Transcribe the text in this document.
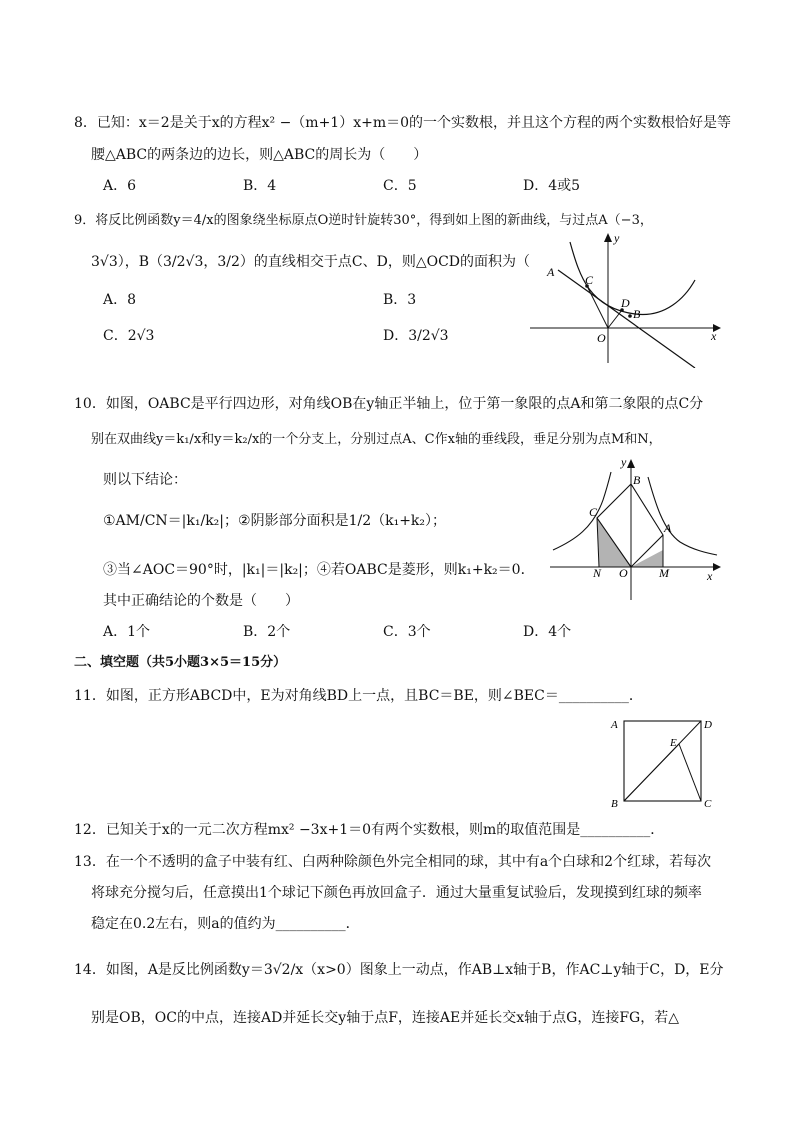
8．已知：x＝2是关于x的方程x² −（m+1）x+m＝0的一个实数根，并且这个方程的两个实数根恰好是等
腰△ABC的两条边的边长，则△ABC的周长为（　　）
A．6	B．4	C．5	D．4或5
9．将反比例函数y＝4/x的图象绕坐标原点O逆时针旋转30°，得到如上图的新曲线，与过点A（−3，
3√3），B（3/2√3，3/2）的直线相交于点C、D，则△OCD的面积为（
A．8	B．3
C．2√3	D．3/2√3
y
x
O
A
B
C
D
10．如图，OABC是平行四边形，对角线OB在y轴正半轴上，位于第一象限的点A和第二象限的点C分
别在双曲线y＝k₁/x和y＝k₂/x的一个分支上，分别过点A、C作x轴的垂线段，垂足分别为点M和N，
则以下结论：
①AM/CN＝|k₁/k₂|；②阴影部分面积是1/2（k₁+k₂）；
③当∠AOC＝90°时，|k₁|＝|k₂|；④若OABC是菱形，则k₁+k₂＝0．
其中正确结论的个数是（　　）
A．1个	B．2个	C．3个	D．4个
y
x
O
A
B
C
N	M
二、填空题（共5小题3×5＝15分）
11．如图，正方形ABCD中，E为对角线BD上一点，且BC＝BE，则∠BEC＝__________．
A
B	C
D
E
12．已知关于x的一元二次方程mx² −3x+1＝0有两个实数根，则m的取值范围是__________．
13．在一个不透明的盒子中装有红、白两种除颜色外完全相同的球，其中有a个白球和2个红球，若每次
将球充分搅匀后，任意摸出1个球记下颜色再放回盒子．通过大量重复试验后，发现摸到红球的频率
稳定在0.2左右，则a的值约为__________．
14．如图，A是反比例函数y＝3√2/x（x>0）图象上一动点，作AB⊥x轴于B，作AC⊥y轴于C，D，E分
别是OB，OC的中点，连接AD并延长交y轴于点F，连接AE并延长交x轴于点G，连接FG，若△
